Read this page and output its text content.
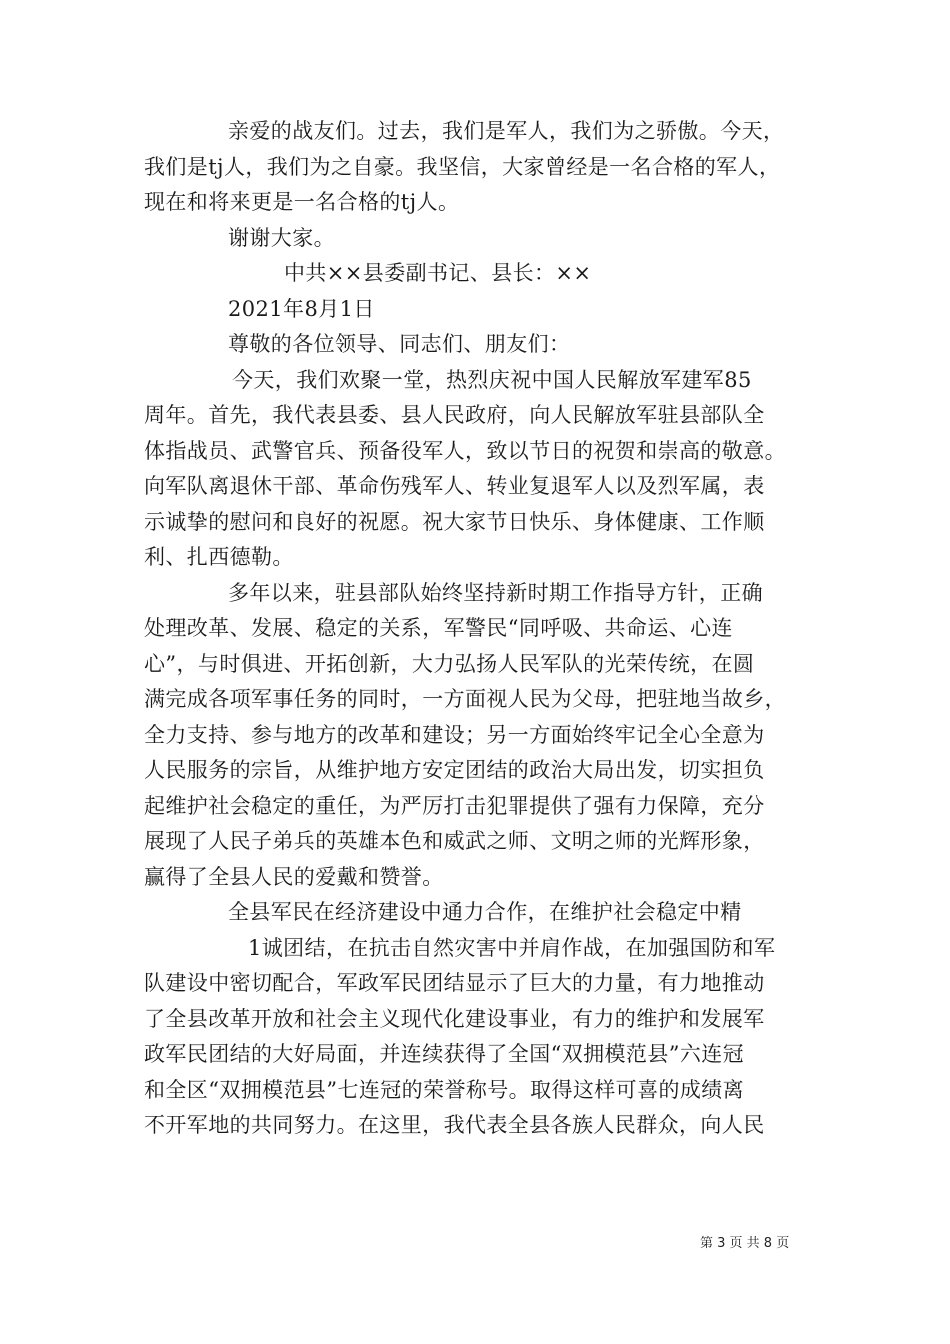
亲爱的战友们。过去，我们是军人，我们为之骄傲。今天，
我们是tj人，我们为之自豪。我坚信，大家曾经是一名合格的军人，
现在和将来更是一名合格的tj人。
谢谢大家。
中共××县委副书记、县长：××
2021年8月1日
尊敬的各位领导、同志们、朋友们：
今天，我们欢聚一堂，热烈庆祝中国人民解放军建军85
周年。首先，我代表县委、县人民政府，向人民解放军驻县部队全
体指战员、武警官兵、预备役军人，致以节日的祝贺和崇高的敬意。
向军队离退休干部、革命伤残军人、转业复退军人以及烈军属，表
示诚挚的慰问和良好的祝愿。祝大家节日快乐、身体健康、工作顺
利、扎西德勒。
多年以来，驻县部队始终坚持新时期工作指导方针，正确
处理改革、发展、稳定的关系，军警民“同呼吸、共命运、心连
心”，与时俱进、开拓创新，大力弘扬人民军队的光荣传统，在圆
满完成各项军事任务的同时，一方面视人民为父母，把驻地当故乡，
全力支持、参与地方的改革和建设；另一方面始终牢记全心全意为
人民服务的宗旨，从维护地方安定团结的政治大局出发，切实担负
起维护社会稳定的重任，为严厉打击犯罪提供了强有力保障，充分
展现了人民子弟兵的英雄本色和威武之师、文明之师的光辉形象，
赢得了全县人民的爱戴和赞誉。
全县军民在经济建设中通力合作，在维护社会稳定中精
1诚团结，在抗击自然灾害中并肩作战，在加强国防和军
队建设中密切配合，军政军民团结显示了巨大的力量，有力地推动
了全县改革开放和社会主义现代化建设事业，有力的维护和发展军
政军民团结的大好局面，并连续获得了全国“双拥模范县”六连冠
和全区“双拥模范县”七连冠的荣誉称号。取得这样可喜的成绩离
不开军地的共同努力。在这里，我代表全县各族人民群众，向人民
第 3 页 共 8 页
